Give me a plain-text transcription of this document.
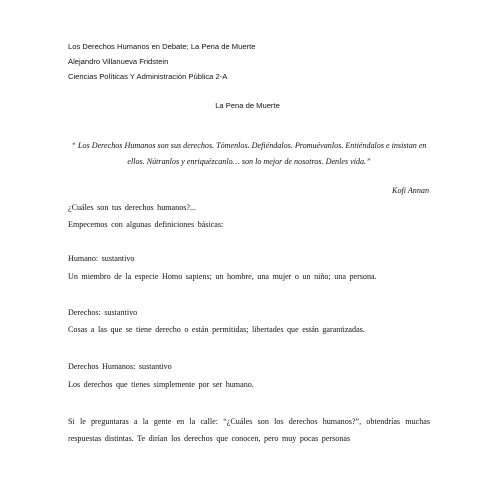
Los Derechos Humanos en Debate; La Pena de Muerte
Alejandro Villanueva Fridstein
Ciencias Políticas Y Administración Pública 2-A
La Pena de Muerte
“ Los Derechos Humanos son sus derechos. Tómenlos. Defiéndalos. Promuévanlos. Entiéndalos e insistan en ellos. Nútranlos y enriquézcanlo… son lo mejor de nosotros. Denles vida.”
Kofi Annan
¿Cuáles son tus derechos humanos?...
Empecemos con algunas definiciones básicas:
Humano: sustantivo
Un miembro de la especie Homo sapiens; un hombre, una mujer o un niño; una persona.
Derechos: sustantivo
Cosas a las que se tiene derecho o están permitidas; libertades que están garantizadas.
Derechos Humanos: sustantivo
Los derechos que tienes simplemente por ser humano.
Si le preguntaras a la gente en la calle: “¿Cuáles son los derechos humanos?”, obtendrías muchas respuestas distintas. Te dirían los derechos que conocen, pero muy pocas personas
